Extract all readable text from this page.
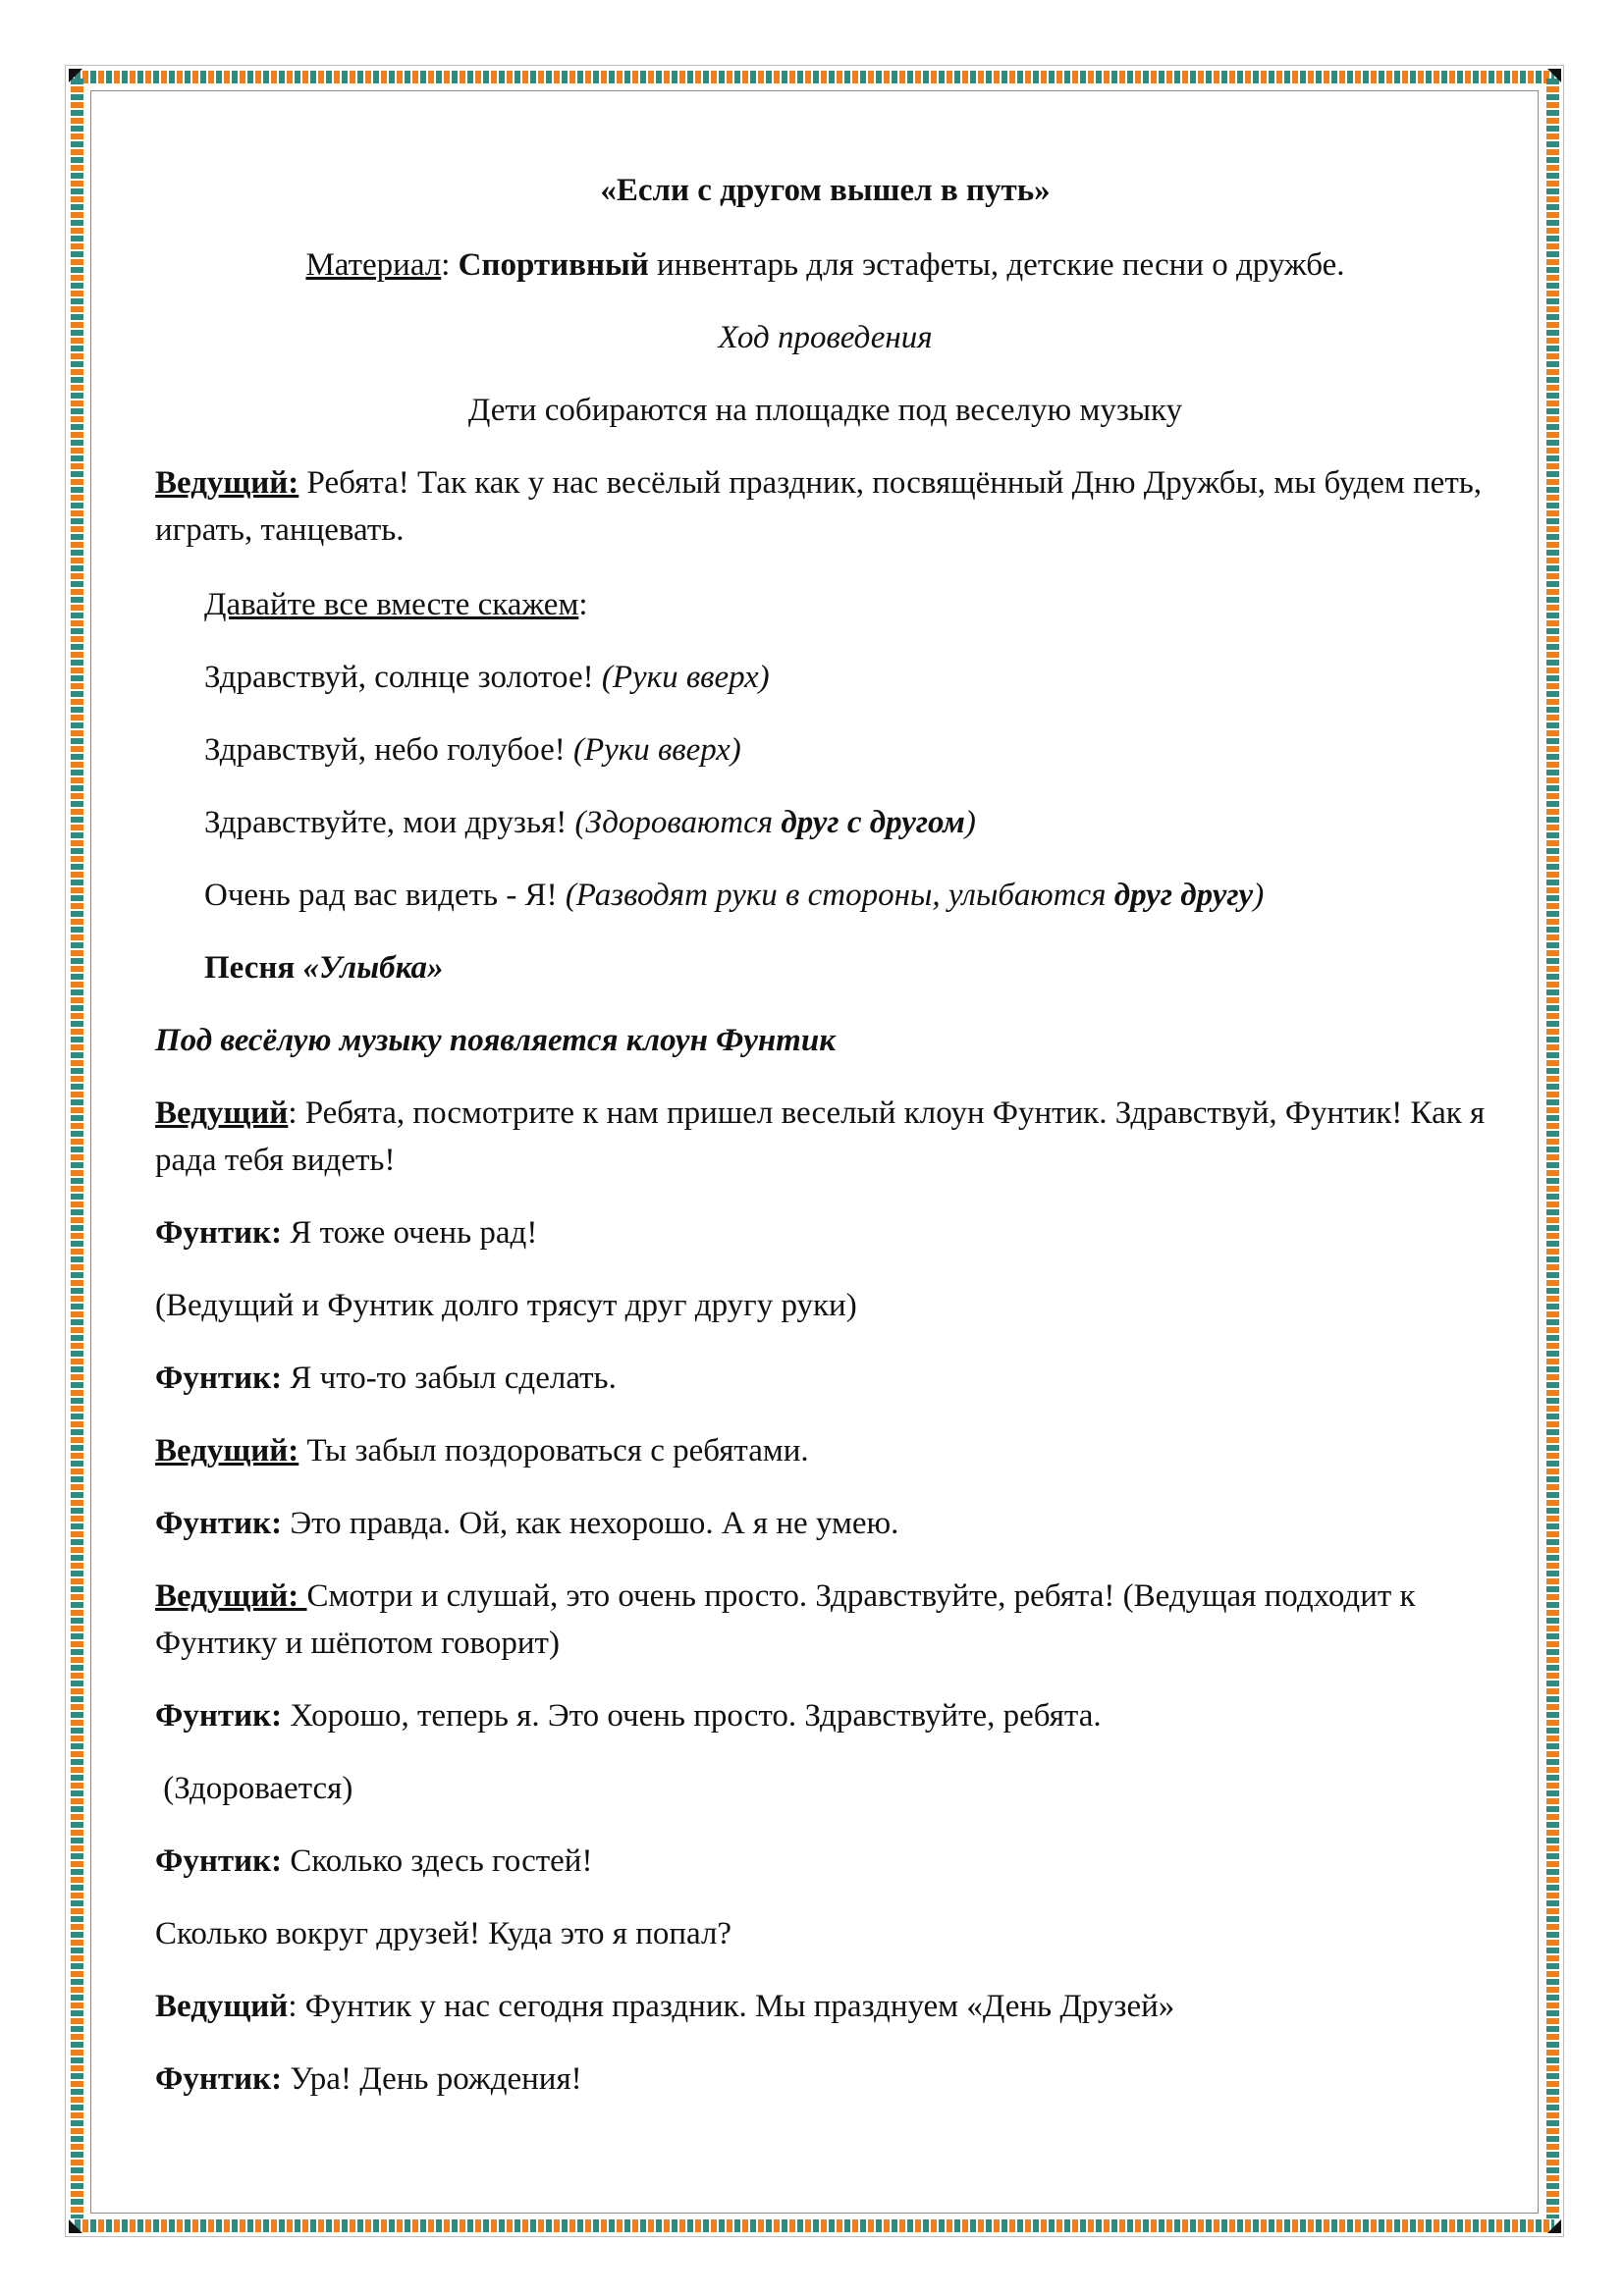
«Если с другом вышел в путь»

Материал: Спортивный инвентарь для эстафеты, детские песни о дружбе.

Ход проведения

Дети собираются на площадке под веселую музыку

Ведущий: Ребята! Так как у нас весёлый праздник, посвящённый Дню Дружбы, мы будем петь, играть, танцевать.

Давайте все вместе скажем:

Здравствуй, солнце золотое! (Руки вверх)

Здравствуй, небо голубое! (Руки вверх)

Здравствуйте, мои друзья! (Здороваются друг с другом)

Очень рад вас видеть - Я! (Разводят руки в стороны, улыбаются друг другу)

Песня «Улыбка»

Под весёлую музыку появляется клоун Фунтик

Ведущий: Ребята, посмотрите к нам пришел веселый клоун Фунтик. Здравствуй, Фунтик! Как я рада тебя видеть!

Фунтик: Я тоже очень рад!

(Ведущий и Фунтик долго трясут друг другу руки)

Фунтик: Я что-то забыл сделать.

Ведущий: Ты забыл поздороваться с ребятами.

Фунтик: Это правда. Ой, как нехорошо. А я не умею.

Ведущий: Смотри и слушай, это очень просто. Здравствуйте, ребята! (Ведущая подходит к Фунтику и шёпотом говорит)

Фунтик: Хорошо, теперь я. Это очень просто. Здравствуйте, ребята.

(Здоровается)

Фунтик: Сколько здесь гостей!

Сколько вокруг друзей! Куда это я попал?

Ведущий: Фунтик у нас сегодня праздник. Мы празднуем «День Друзей»

Фунтик: Ура! День рождения!
